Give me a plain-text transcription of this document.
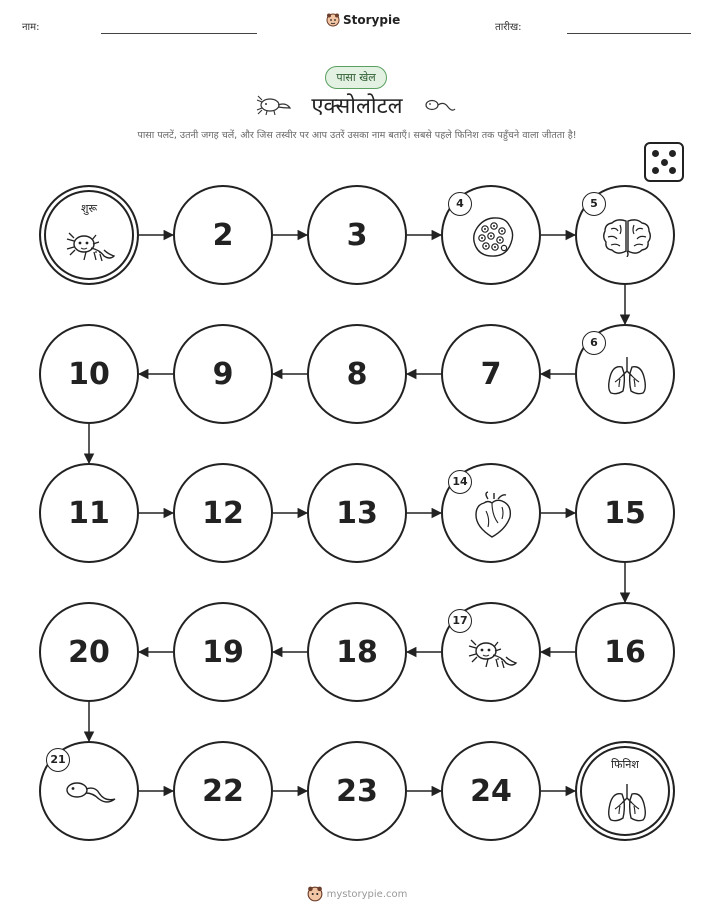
नाम:
Storypie
तारीख:
पासा खेल
एक्सोलोटल
पासा पलटें, उतनी जगह चलें, और जिस तस्वीर पर आप उतरें उसका नाम बताएँ। सबसे पहले फिनिश तक पहुँचने वाला जीतता है!
शुरू
2	3
4	5
6
7
8
9
10
11	12	13
14
15
16
17
18
19
20
21
22	23	24
फिनिश
mystorypie.com
